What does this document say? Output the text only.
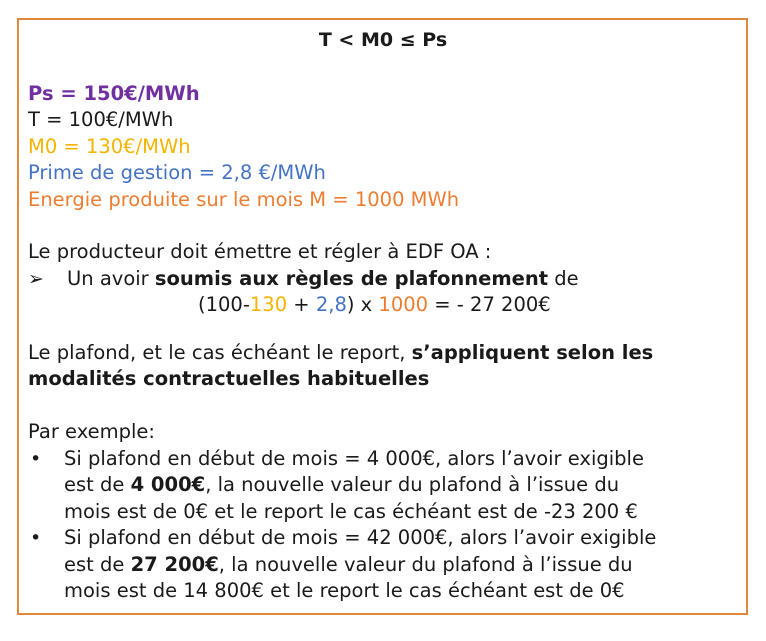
T < M0 ≤ Ps
Ps = 150€/MWh
T = 100€/MWh
M0 = 130€/MWh
Prime de gestion = 2,8 €/MWh
Energie produite sur le mois M = 1000 MWh
Le producteur doit émettre et régler à EDF OA :
➢ Un avoir soumis aux règles de plafonnement de
(100-130 + 2,8) x 1000 = - 27 200€
Le plafond, et le cas échéant le report, s’appliquent selon les
modalités contractuelles habituelles
Par exemple:
• Si plafond en début de mois = 4 000€, alors l’avoir exigible
est de 4 000€, la nouvelle valeur du plafond à l’issue du
mois est de 0€ et le report le cas échéant est de -23 200 €
• Si plafond en début de mois = 42 000€, alors l’avoir exigible
est de 27 200€, la nouvelle valeur du plafond à l’issue du
mois est de 14 800€ et le report le cas échéant est de 0€
